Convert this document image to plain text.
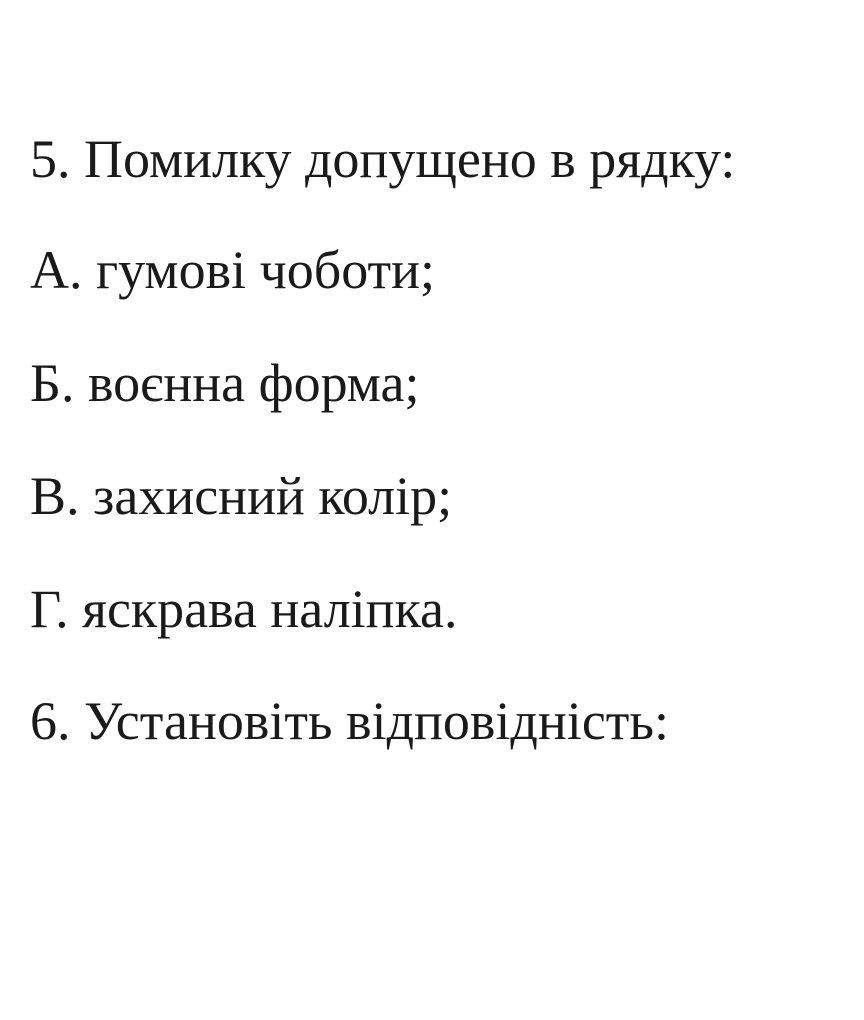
5. Помилку допущено в рядку:

А. гумові чоботи;

Б. воєнна форма;

В. захисний колір;

Г. яскрава наліпка.

6. Установіть відповідність:
